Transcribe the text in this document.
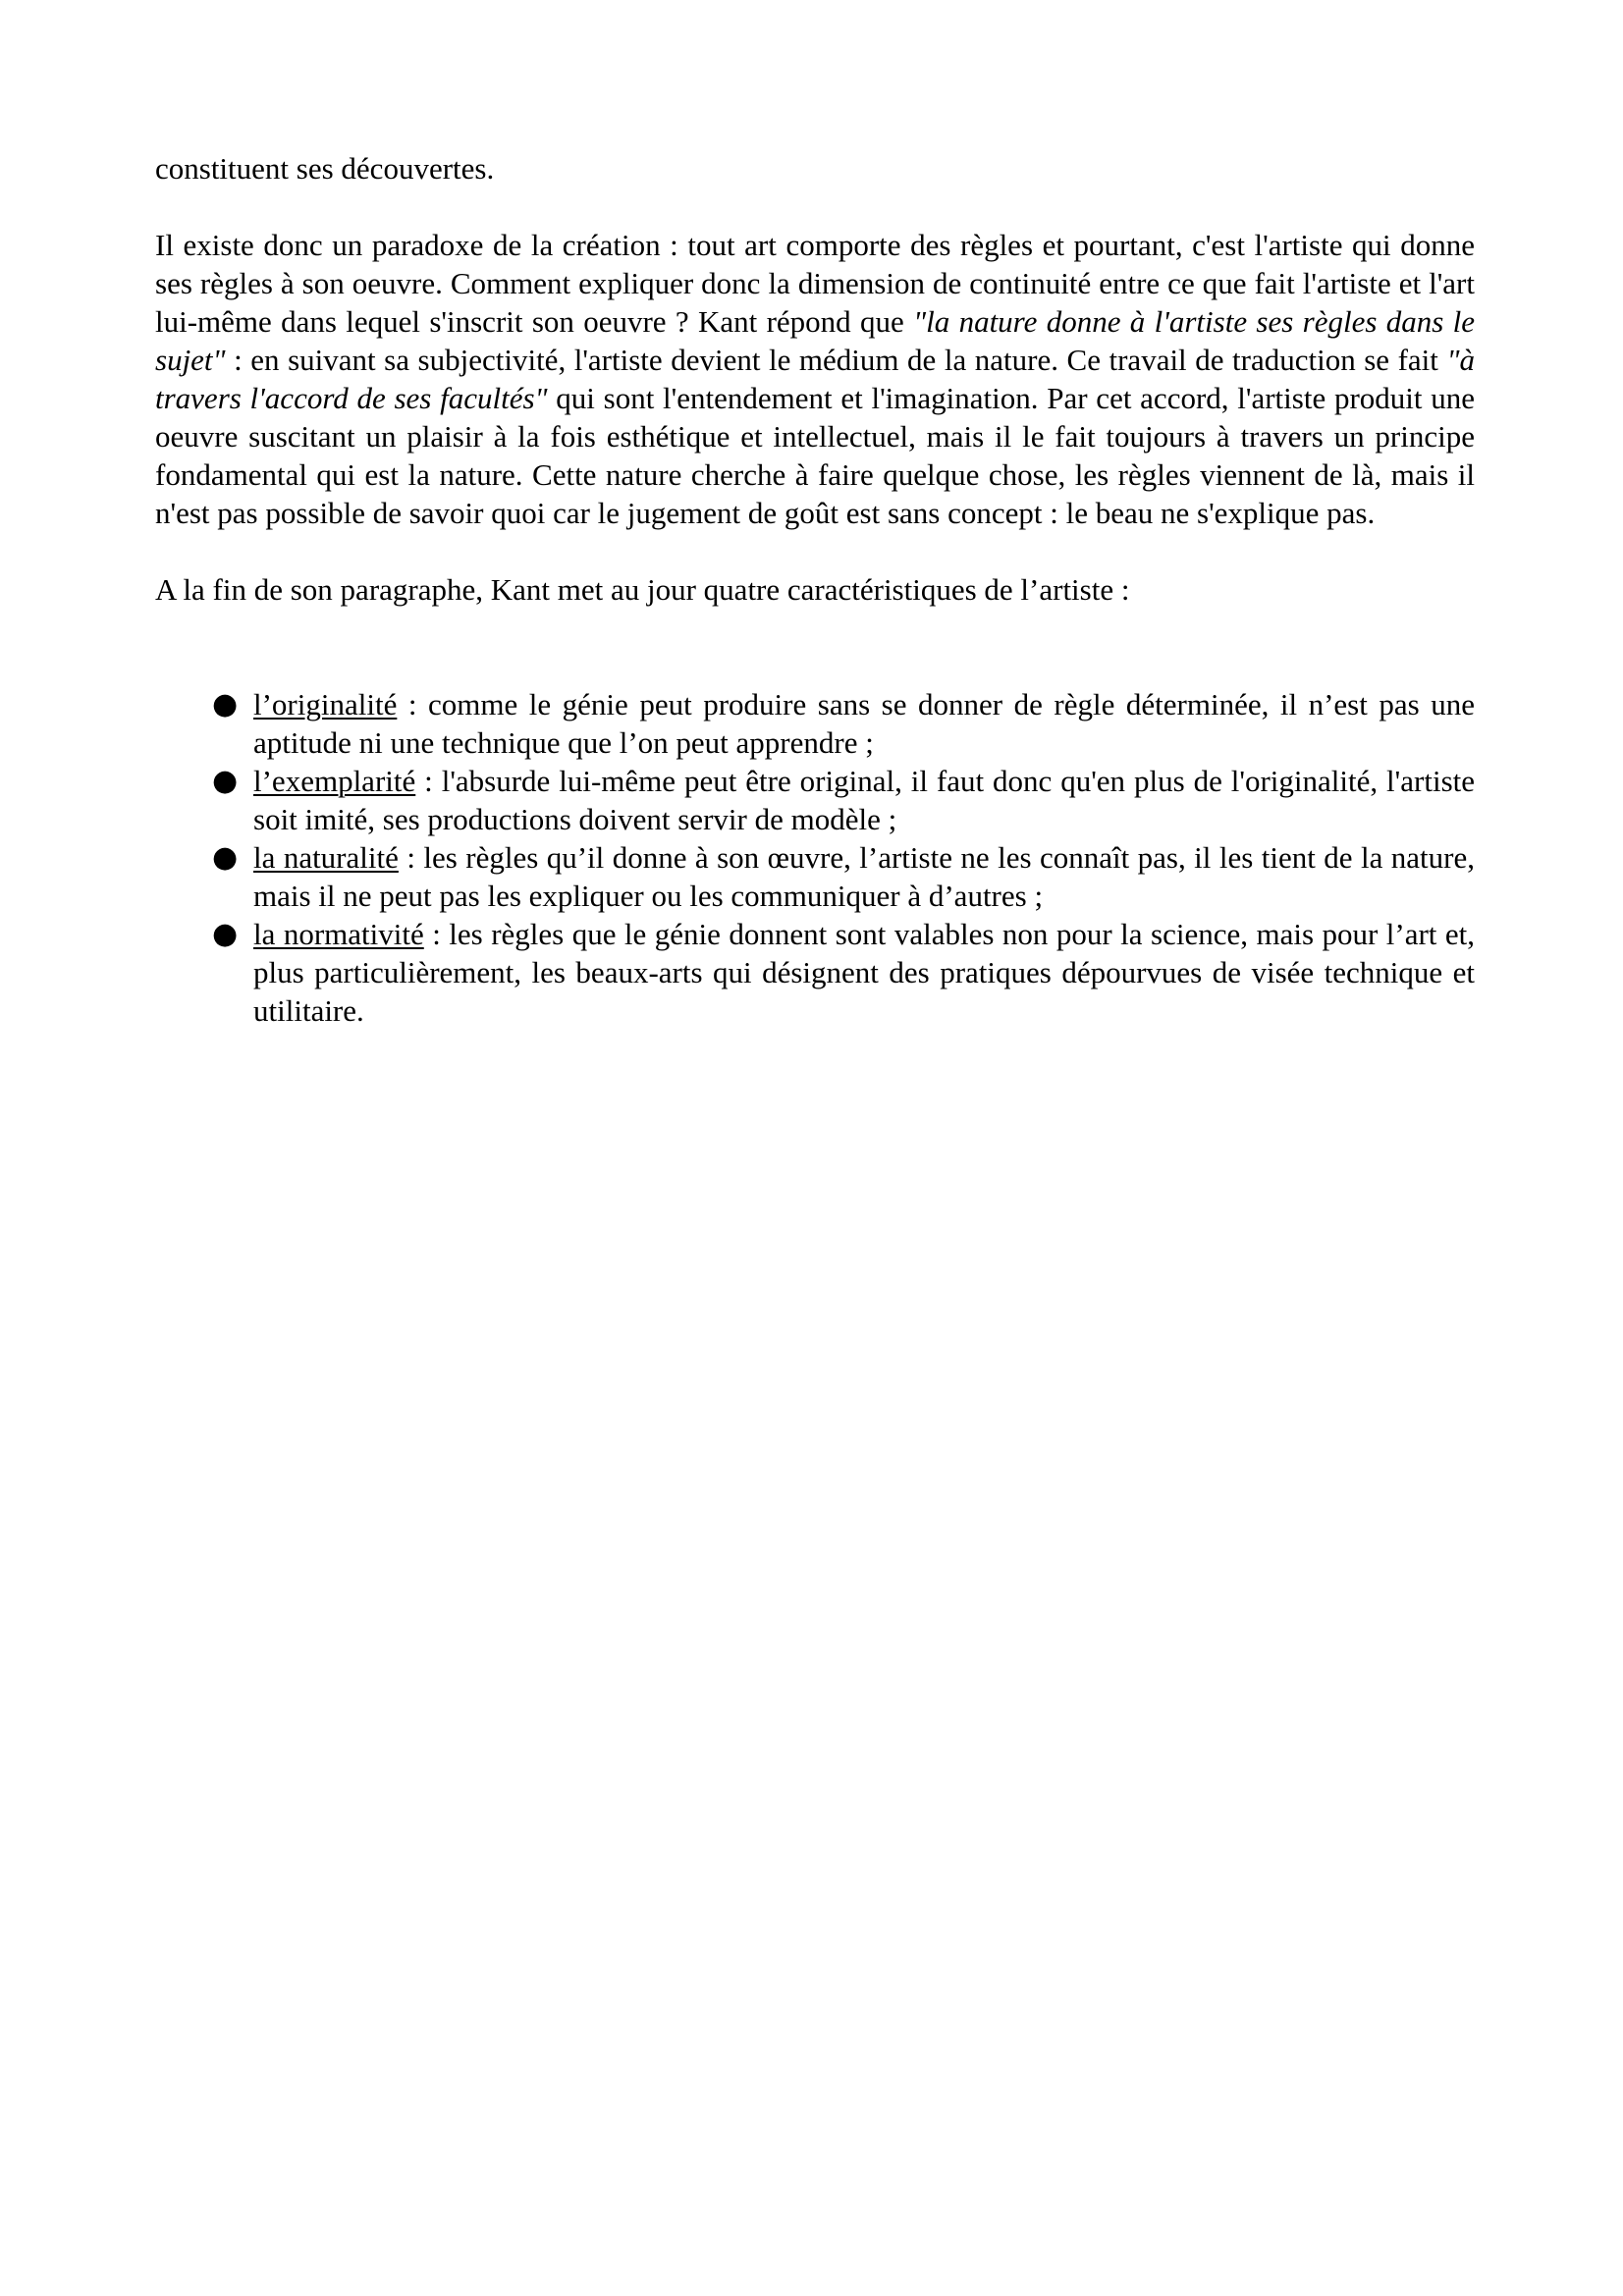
constituent ses découvertes.

Il existe donc un paradoxe de la création : tout art comporte des règles et pourtant, c'est l'artiste qui donne ses règles à son oeuvre. Comment expliquer donc la dimension de continuité entre ce que fait l'artiste et l'art lui-même dans lequel s'inscrit son oeuvre ? Kant répond que "la nature donne à l'artiste ses règles dans le sujet" : en suivant sa subjectivité, l'artiste devient le médium de la nature. Ce travail de traduction se fait "à travers l'accord de ses facultés" qui sont l'entendement et l'imagination. Par cet accord, l'artiste produit une oeuvre suscitant un plaisir à la fois esthétique et intellectuel, mais il le fait toujours à travers un principe fondamental qui est la nature. Cette nature cherche à faire quelque chose, les règles viennent de là, mais il n'est pas possible de savoir quoi car le jugement de goût est sans concept : le beau ne s'explique pas.

A la fin de son paragraphe, Kant met au jour quatre caractéristiques de l’artiste :

● l’originalité : comme le génie peut produire sans se donner de règle déterminée, il n’est pas une aptitude ni une technique que l’on peut apprendre ;
● l’exemplarité : l'absurde lui-même peut être original, il faut donc qu'en plus de l'originalité, l'artiste soit imité, ses productions doivent servir de modèle ;
● la naturalité : les règles qu’il donne à son œuvre, l’artiste ne les connaît pas, il les tient de la nature, mais il ne peut pas les expliquer ou les communiquer à d’autres ;
● la normativité : les règles que le génie donnent sont valables non pour la science, mais pour l’art et, plus particulièrement, les beaux-arts qui désignent des pratiques dépourvues de visée technique et utilitaire.
